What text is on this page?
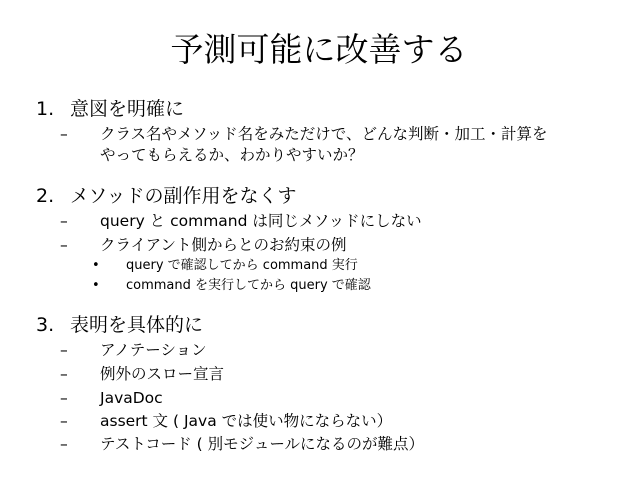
予測可能に改善する
1. 意図を明確に
– クラス名やメソッド名をみただけで、どんな判断・加工・計算を
やってもらえるか、わかりやすいか？
2. メソッドの副作用をなくす
– query と command は同じメソッドにしない
– クライアント側からとのお約束の例
• query で確認してから command 実行
• command を実行してから query で確認
3. 表明を具体的に
– アノテーション
– 例外のスロー宣言
– JavaDoc
– assert 文 ( Java では使い物にならない）
– テストコード ( 別モジュールになるのが難点）
